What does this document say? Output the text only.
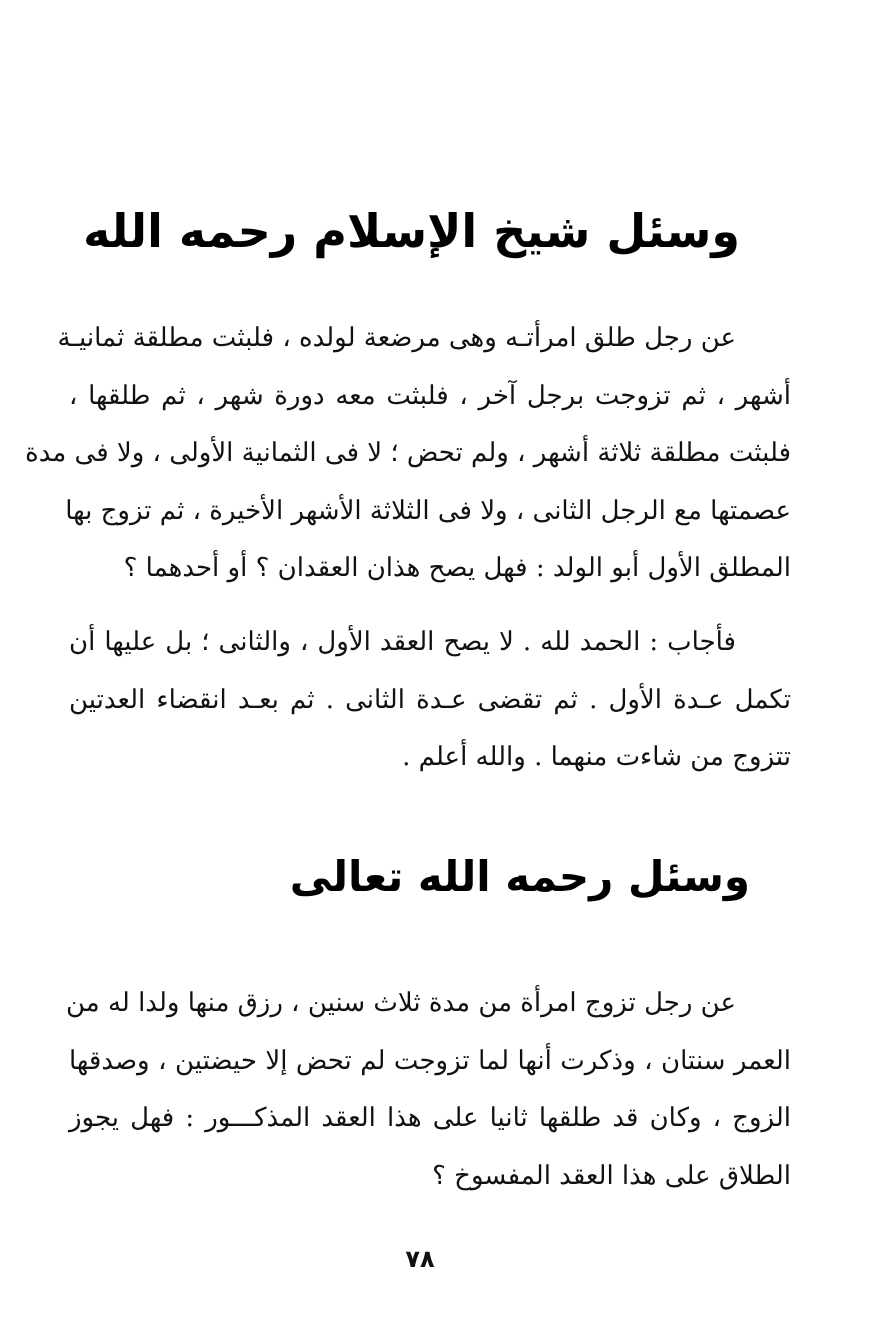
وسئل شيخ الإسلام رحمه الله
عن رجل طلق امرأتـه وهى مرضعة لولده ، فلبثت مطلقة ثمانيـة
أشهر ، ثم تزوجت برجل آخر ، فلبثت معه دورة شهر ، ثم طلقها ،
فلبثت مطلقة ثلاثة أشهر ، ولم تحض ؛ لا فى الثمانية الأولى ، ولا فى مدة
عصمتها مع الرجل الثانى ، ولا فى الثلاثة الأشهر الأخيرة ، ثم تزوج بها
المطلق الأول أبو الولد : فهل يصح هذان العقدان ؟ أو أحدهما ؟
فأجاب : الحمد لله . لا يصح العقد الأول ، والثانى ؛ بل عليها أن
تكمل عـدة الأول . ثم تقضى عـدة الثانى . ثم بعـد انقضاء العدتين
تتزوج من شاءت منهما . والله أعلم .
وسئل رحمه الله تعالى
عن رجل تزوج امرأة من مدة ثلاث سنين ، رزق منها ولدا له من
العمر سنتان ، وذكرت أنها لما تزوجت لم تحض إلا حيضتين ، وصدقها
الزوج ، وكان قد طلقها ثانيا على هذا العقد المذكـــور : فهل يجوز
الطلاق على هذا العقد المفسوخ ؟
٧٨
